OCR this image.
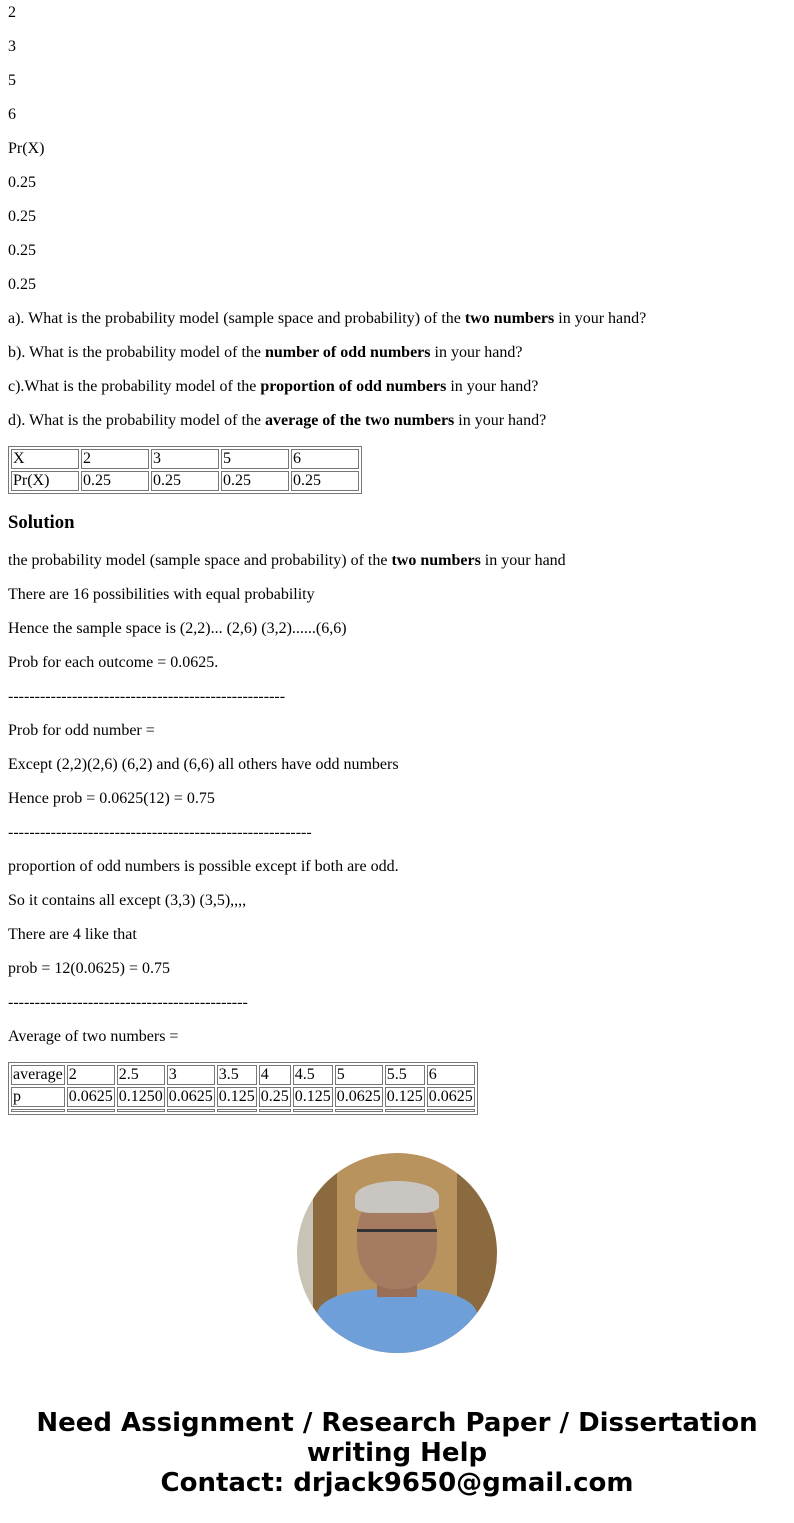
2

3

5

6

Pr(X)

0.25

0.25

0.25

0.25

a). What is the probability model (sample space and probability) of the two numbers in your hand?

b). What is the probability model of the number of odd numbers in your hand?

c).What is the probability model of the proportion of odd numbers in your hand?

d). What is the probability model of the average of the two numbers in your hand?

X	2	3	5	6
Pr(X)	0.25	0.25	0.25	0.25
Solution

the probability model (sample space and probability) of the two numbers in your hand

There are 16 possibilities with equal probability

Hence the sample space is (2,2)... (2,6) (3,2)......(6,6)

Prob for each outcome = 0.0625.

----------------------------------------------------

Prob for odd number =

Except (2,2)(2,6) (6,2) and (6,6) all others have odd numbers

Hence prob = 0.0625(12) = 0.75

---------------------------------------------------------

proportion of odd numbers is possible except if both are odd.

So it contains all except (3,3) (3,5),,,,

There are 4 like that

prob = 12(0.0625) = 0.75

---------------------------------------------

Average of two numbers =

average	2	2.5	3	3.5	4	4.5	5	5.5	6
p	0.0625	0.1250	0.0625	0.125	0.25	0.125	0.0625	0.125	0.0625

Need Assignment / Research Paper / Dissertation
writing Help
Contact: drjack9650@gmail.com
